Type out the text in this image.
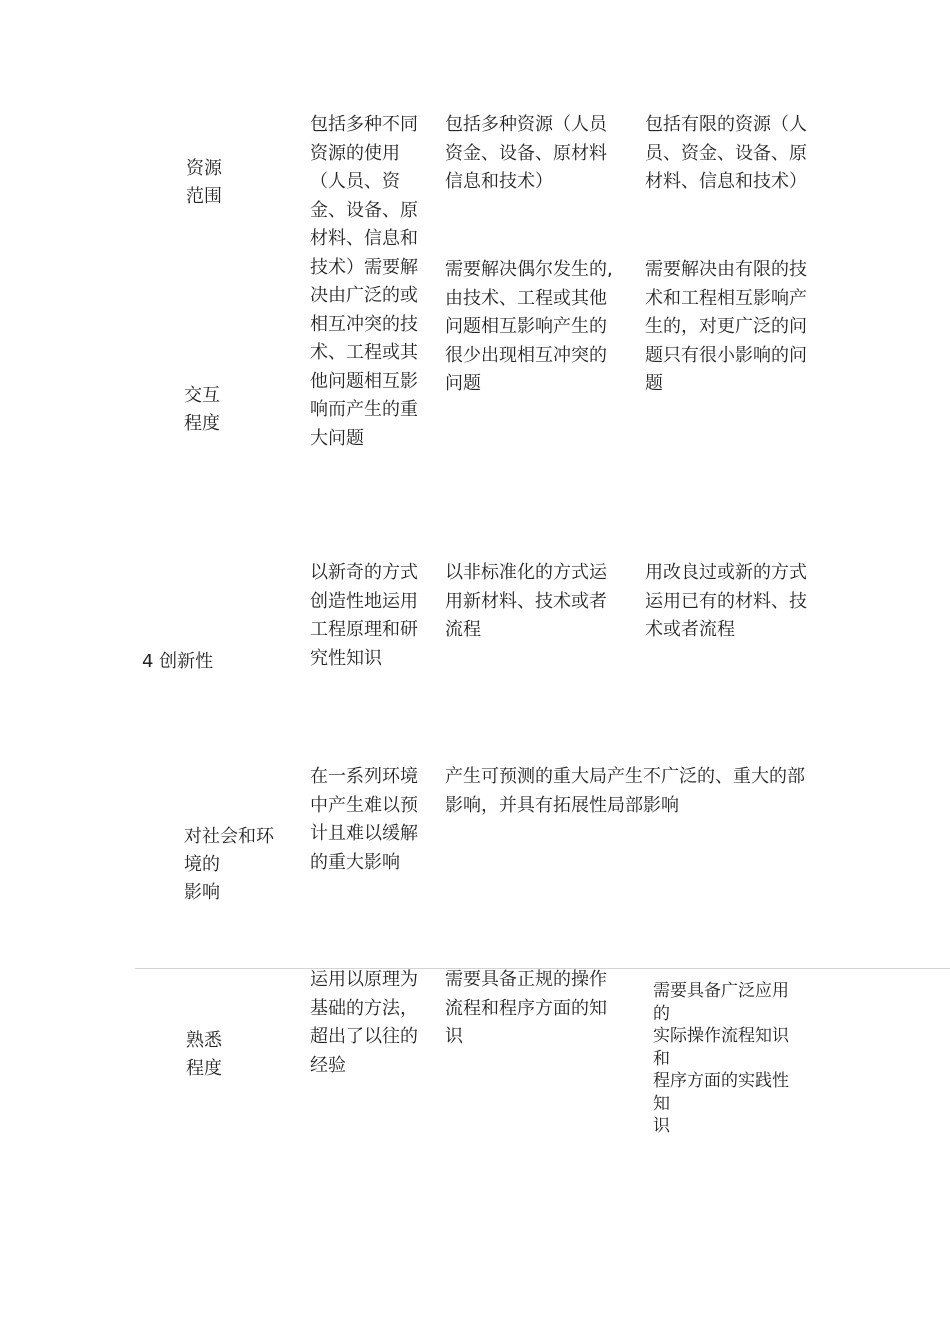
资源
范围

包括多种不同
资源的使用
（人员、资
金、设备、原
材料、信息和
技术）需要解
决由广泛的或
相互冲突的技
术、工程或其
他问题相互影
响而产生的重
大问题

包括多种资源（人员
资金、设备、原材料
信息和技术）

包括有限的资源（人
员、资金、设备、原
材料、信息和技术）

交互
程度

需要解决偶尔发生的,
由技术、工程或其他
问题相互影响产生的
很少出现相互冲突的
问题

需要解决由有限的技
术和工程相互影响产
生的，对更广泛的问
题只有很小影响的问
题

4 创新性

以新奇的方式
创造性地运用
工程原理和研
究性知识

以非标准化的方式运
用新材料、技术或者
流程

用改良过或新的方式
运用已有的材料、技
术或者流程

对社会和环
境的
影响

在一系列环境
中产生难以预
计且难以缓解
的重大影响

产生可预测的重大局产生不广泛的、重大的部
影响，并具有拓展性局部影响

熟悉
程度

运用以原理为
基础的方法，
超出了以往的
经验

需要具备正规的操作
流程和程序方面的知
识

需要具备广泛应用
的
实际操作流程知识
和
程序方面的实践性
知
识
